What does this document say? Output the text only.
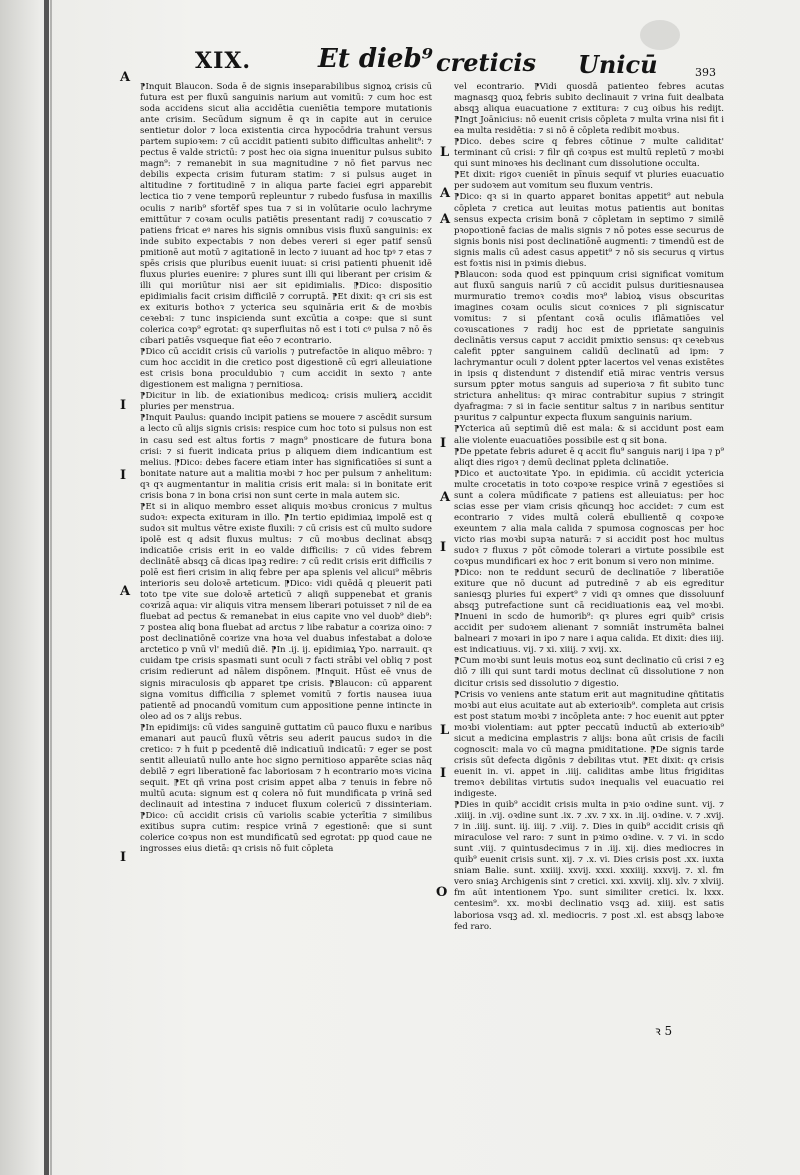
XIX.	Et dieb⁹ creticis Unicū	393
A
I
I
A
I
L
A
A
I
A
I
L
I
O

⁋Inquit Blaucon. Soda ē de signis inseparabilibus signoꝝ crisis cū futura est per fluxū sanguinis narium aut vomitū: ⁊ cum hoc est soda accidens sicut alia accidētia cueniētia tempore mutationis ante crisim. Secūdum signum ē qꝛ in capite aut in ceruice sentietur dolor ⁊ loca existentia circa hypocōdria trahunt versus partem supioꝛem: ⁊ cū accidit patienti subito difficultas anhelit⁹: ⁊ pectus ē valde strictū: ⁊ post hec oia signa inuenitur pulsus subito magn⁹: ⁊ remanebit in sua magnitudine ⁊ nō fiet parvus nec debilis expecta crisim futuram statim: ⁊ si pulsus auget in altitudine ⁊ fortitudinē ⁊ in aliqua parte faciei egri apparebit lectica tio ⁊ vene temporū repleuntur ⁊ rubedo fusfusa in maxillis oculis ⁊ narib⁹ sfortēf spes tua ⁊ si in volūtarie oculo lachryme emittūtur ⁊ coꝛam oculis patiētis presentant radij ⁊ coꝛuscatio ⁊ patiens fricat eꝰ nares his signis omnibus visis fluxū sanguinis: ex inde subito expectabis ⁊ non debes vereri si eger patif sensū pmitionē aut motū ⁊ agitationē in lecto ⁊ iuuant ad hoc tpꝰ ⁊ etas ⁊ spēs crisis que pluribus euenit iuuat: si crisi patienti phuenit idē fluxus pluries euenire: ⁊ plures sunt illi qui liberant per crisim & illi qui moriūtur nisi aer sit epidimialis. ⁋Dico: dispositio epidimialis facit crisim difficilē ⁊ corruptā. ⁋Et dixit: qꝛ cri sis est ex exituris bothoꝛ ⁊ ycterica seu squināria erit & de moꝛbis ceꝛebꝛi: ⁊ tunc inspicienda sunt excūtia a coꝛpe: que si sunt colerica coꝛp⁹ egrotat: qꝛ superfluitas nō est i toti cꝰ pulsa ⁊ nō ēs cibari patiēs vsqueque fiat eēo ⁊ econtrario.

⁋Dico cū accidit crisis cū variolis ⁊ putrefactōe in aliquo mēbro: ⁊ cum hoc accidit in die cretico post digestionē cū egri alleuiatione est crisis bona proculdubio ⁊ cum accidit in sexto ⁊ ante digestionem est maligna ⁊ pernitiosa.

⁋Dicitur in lib. de exiationibus medicoꝝ: crisis mulierꝝ accidit pluries per menstrua.

⁋Inquit Paulus: quando incipit patiens se mouere ⁊ ascēdit sursum a lecto cū alijs signis crisis: respice cum hoc toto si pulsus non est in casu sed est altus fortis ⁊ magn⁹ pnosticare de futura bona crisi: ⁊ si fuerit indicata prius p aliquem diem indicantium est melius. ⁋Dico: debes facere etiam inter has significatiōes si sunt a bonitate nature aut a malitia moꝛbi ⁊ hoc per pulsum ⁊ anhelitum: qꝛ qꝛ augmentantur in malitia crisis erit mala: si in bonitate erit crisis bona ⁊ in bona crisi non sunt certe in mala autem sic.

⁋Et si in aliquo membro esset aliquis moꝛbus cronicus ⁊ multus sudoꝛ: expecta exituram in illo. ⁋In tertio epidimiaꝝ impolē est q sudoꝛ sit multus vētre existe fluxili: ⁊ cū crisis est cū multo sudore ipolē est q adsit fluxus multus: ⁊ cū moꝛbus declinat absqꝫ indicatiōe crisis erit in eo valde difficilis: ⁊ cū vides febrem declinātē absqꝫ cā dicas ipaꝫ redire: ⁊ cū redit crisis erit difficilis ⁊ polē est fieri crisim in aliq febre per apa splenis vel alicui⁹ mēbris interioris seu doloꝛē arteticum. ⁋Dico: vidi quēdā q pleuerit pati toto tpe vite sue doloꝛē arteticū ⁊ aliqñ suppenebat et granis coꝛrizā aqua: vir aliquis vitra mensem liberari potuisset ⁊ nil de ea fluebat ad pectus & remanebat in eius capite vno vel duob⁹ dieb⁹: ⁊ postea aliq bona fluebat ad arctus ⁊ libe rabatur a coꝛriza oino: ⁊ post declinatiōnē coꝛrize vna hoꝛa vel duabus infestabat a doloꝛe arctetico p vnū vl' mediū diē. ⁋In .ij. ij. epidimiaꝝ Ypo. narrauit. qꝛ cuidam tpe crisis spasmati sunt oculi ⁊ facti strābi vel obliq ⁊ post crisim redierunt ad nālem dispōnem. ⁋Inquit. Hūst eē vnus de signis miraculosis qb apparet tpe crisis. ⁋Blaucon: cū apparent signa vomitus difficilia ⁊ splemet vomitū ⁊ fortis nausea iuua patientē ad pnocandū vomitum cum appositione penne intincte in oleo ad os ⁊ alijs rebus.

⁋In epidimijs: cū vides sanguinē guttatim cū pauco fluxu e naribus emanari aut paucū fluxū vētris seu aderit paucus sudoꝛ in die cretico: ⁊ h fuit p pcedentē diē indicatiuū indicatū: ⁊ eger se post sentit alleuiatū nullo ante hoc signo pernitioso apparēte scias nāq debilē ⁊ egri liberationē fac laboriosam ⁊ h econtrario moꝛs vicina sequit. ⁋Et qñ vrina post crisim appet alba ⁊ tenuis in febre nō multū acuta: signum est q colera nō fuit mundificata p vrinā sed declinauit ad intestina ⁊ inducet fluxum colericū ⁊ dissinteriam. ⁋Dico: cū accidit crisis cū variolis scabie ycterītia ⁊ similibus exitibus supra cutim: respice vrinā ⁊ egestionē: que si sunt colerice coꝛpus non est mundificatū sed egrotat: pp quod caue ne ingrosses eius dietā: qꝛ crisis nō fuit cōpleta

vel econtrario. ⁋Vidi quosdā patienteo febres acutas magnasqꝫ quoꝝ febris subito declinauit ⁊ vrina fuit dealbata absqꝫ aliqua euacuatione ⁊ extitura: ⁊ cuꝫ oibus his redijt. ⁋Ingt Joānicius: nō euenit crisis cōpleta ⁊ multa vrina nisi fit i ea multa residētia: ⁊ si nō ē cōpleta redibit moꝛbus.

⁋Dico. debes scire q febres cōtinue ⁊ multe caliditat' terminant cū crisi: ⁊ filr qñ coꝛpus est multū repletū ⁊ moꝛbi qui sunt minoꝛes his declinant cum dissolutione occulta.

⁋Et dixit: rigoꝛ cueniēt in pīnuis sequif vt pluries euacuatio per sudoꝛem aut vomitum seu fluxum ventris.

⁋Dico: qꝛ si in quarto apparet bonitas appetit⁹ aut nebula cōpleta ⁊ cretica aut leuitas motus patientis aut bonitas sensus expecta crisim bonā ⁊ cōpletam in septimo ⁊ similē pꝛopoꝛtionē facias de malis signis ⁊ nō potes esse securus de signis bonis nisi post declinatiōnē augmenti: ⁊ timendū est de signis malis cū adest casus appetit⁹ ⁊ nō sis securus q virtus est foꝛtis nisi in pꝛimis diebus.

⁋Blaucon: soda quod est ppinquum crisi significat vomitum aut fluxū sanguis nariū ⁊ cū accidit pulsus duritiesnausea murmuratio tremoꝛ coꝛdis moꝛ⁹ labioꝝ visus obscuritas imagines coꝛam oculis sicut coꝛnices ⁊ pli signiscatur vomitus: ⁊ si pſentant coꝛā oculis iflāmatiōes vel coꝛuscationes ⁊ radij hoc est de pprietate sanguinis declinātis versus caput ⁊ accidit pmixtio sensus: qꝛ ceꝛebꝛus calefit pꝑter sanguinem calidū declinatū ad ipm: ⁊ lachrymantur oculi ⁊ dolent pꝑter lacertos vel venas existētes in ipsis q distendunt ⁊ distendif etiā mirac ventris versus sursum pꝑter motus sanguis ad superioꝛa ⁊ fit subito tunc strictura anhelitus: qꝛ mirac contrabitur supius ⁊ stringit dyafragma: ⁊ si in facie sentitur saltus ⁊ in naribus sentitur pꝛuritus ⁊ calpuntur expecta fluxum sanguinis narium.

⁋Ycterica aū septimū diē est mala: & si accidunt post eam alie violente euacuatiōes possibile est q sit bona.

⁋De pꝑetate febris aduret ē q accit flu⁹ sanguis narij i ipa ⁊ p⁹ aliqt dies rigoꝛ ⁊ demū declinat ppleta dclinatiōe.

⁋Dico et auctoꝛitate Ypo. in epidimia. cū accidit yctericia multe crocetatis in toto coꝛpoꝛe respice vrinā ⁊ egestiōes si sunt a colera mūdificate ⁊ patiens est alleuiatus: per hoc scias esse per viam crisis qñcunqꝫ hoc accidet: ⁊ cum est econtrario ⁊ vides multā colerā ebullientē q coꝛpoꝛe exeuntem ⁊ alia mala calida ⁊ spumosa cognoscas per hoc victo rias moꝛbi supꝛa naturā: ⁊ si accidit post hoc multus sudoꝛ ⁊ fluxus ⁊ pōt cōmode tolerari a virtute possibile est coꝛpus mundificari ex hoc ⁊ erit bonum si vero non minime.

⁋Dico: non te reddunt securū de declinatiōe ⁊ liberatiōe exiture que nō ducunt ad putredinē ⁊ ab eis egreditur saniesqꝫ pluries fui expert⁹ ⁊ vidi qꝛ omnes que dissoluunf absqꝫ putrefactione sunt cā recidiuationis eaꝝ vel moꝛbi. ⁋Inueni in scdo de humorib⁹: qꝛ plures egri quib⁹ crisis accidit per sudoꝛem alienant ⁊ somniāt instrumēta balnei balneari ⁊ moꝛari in ipo ⁊ nare i aqua calida. Et dixit: dies iiij. est indicatiuus. vij. ⁊ xi. xiiij. ⁊ xvij. xx.

⁋Cum moꝛbi sunt leuis motus eoꝝ sunt declinatio cū crisi ⁊ eꝫ diō ⁊ illi qui sunt tardi motus declinat cū dissolutione ⁊ non dicitur crisis sed dissolutio ⁊ digestio.

⁋Crisis vo veniens ante statum erit aut magnitudine qñtitatis moꝛbi aut eius acuitate aut ab exterioꝛib⁹. completa aut crisis est post statum moꝛbi ⁊ incōpleta ante: ⁊ hoc euenit aut pꝑter moꝛbi violentiam: aut pꝑter peccatū inductū ab exterioꝛib⁹ sicut a medicina emplastris ⁊ alijs: bona aūt crisis de facili cognoscit: mala vo cū magna pmiditatione. ⁋De signis tarde crisis sūt defecta digōnis ⁊ debilitas vtut. ⁋Et dixit: qꝛ crisis euenit in. vi. appet in .iiij. caliditas ambe litus frigiditas tremoꝛ debilitas virtutis sudoꝛ inequalis vel euacuatio rei indigeste.

⁋Dies in quib⁹ accidit crisis multa in pꝛio oꝛdine sunt. vij. ⁊ .xiiij. in .vij. oꝛdine sunt .ix. ⁊ .xv. ⁊ xx. in .iij. oꝛdine. v. ⁊ .xvij. ⁊ in .iiij. sunt. iij. iiij. ⁊ .viij. ⁊. Dies in quib⁹ accidit crisis qñ miraculose vel raro: ⁊ sunt in pꝛimo oꝛdine. v. ⁊ vi. in scdo sunt .viij. ⁊ quintusdecimus ⁊ in .iij. xij. dies mediocres in quib⁹ euenit crisis sunt. xij. ⁊ .x. vi. Dies crisis post .xx. iuxta sniam Balie. sunt. xxiiij. xxvij. xxxi. xxxiiij. xxxvij. ⁊. xl. fm vero sniaꝫ Archigenis sint ⁊ cretici. xxi. xxviij. xlij. xlv. ⁊ xlviij. fm aūt intentionem Ypo. sunt similiter cretici. lx. lxxx. centesim⁹. xx. moꝛbi declinatio vsqꝫ ad. xiiij. est satis laboriosa vsqꝫ ad. xl. mediocris. ⁊ post .xl. est absqꝫ laboꝛe fed raro.

ꝛ 5
